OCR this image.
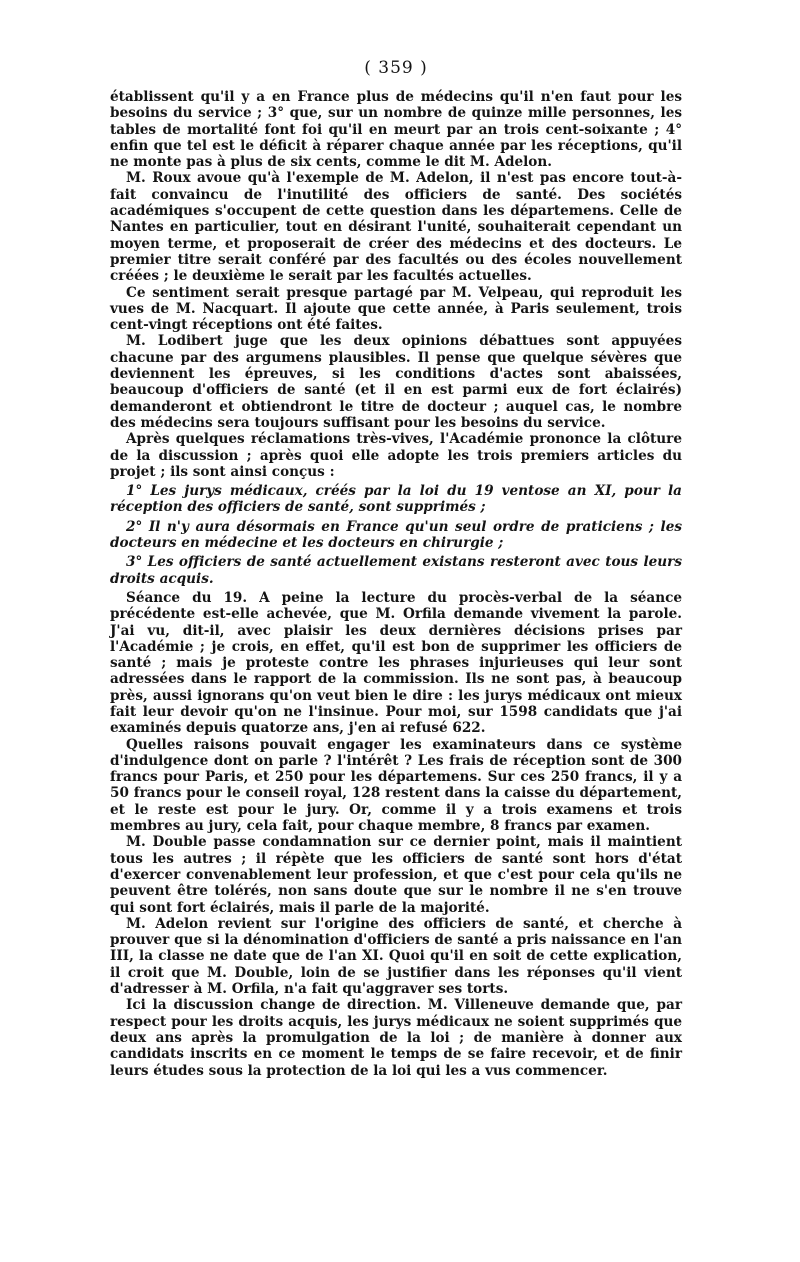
( 359 )

établissent qu'il y a en France plus de médecins qu'il n'en faut pour les besoins du service ; 3° que, sur un nombre de quinze mille personnes, les tables de mortalité font foi qu'il en meurt par an trois cent-soixante ; 4° enfin que tel est le déficit à réparer chaque année par les réceptions, qu'il ne monte pas à plus de six cents, comme le dit M. Adelon.

M. Roux avoue qu'à l'exemple de M. Adelon, il n'est pas encore tout-à-fait convaincu de l'inutilité des officiers de santé. Des sociétés académiques s'occupent de cette question dans les départemens. Celle de Nantes en particulier, tout en désirant l'unité, souhaiterait cependant un moyen terme, et proposerait de créer des médecins et des docteurs. Le premier titre serait conféré par des facultés ou des écoles nouvellement créées ; le deuxième le serait par les facultés actuelles.

Ce sentiment serait presque partagé par M. Velpeau, qui reproduit les vues de M. Nacquart. Il ajoute que cette année, à Paris seulement, trois cent-vingt réceptions ont été faites.

M. Lodibert juge que les deux opinions débattues sont appuyées chacune par des argumens plausibles. Il pense que quelque sévères que deviennent les épreuves, si les conditions d'actes sont abaissées, beaucoup d'officiers de santé (et il en est parmi eux de fort éclairés) demanderont et obtiendront le titre de docteur ; auquel cas, le nombre des médecins sera toujours suffisant pour les besoins du service.

Après quelques réclamations très-vives, l'Académie prononce la clôture de la discussion ; après quoi elle adopte les trois premiers articles du projet ; ils sont ainsi conçus :

1° Les jurys médicaux, créés par la loi du 19 ventose an XI, pour la réception des officiers de santé, sont supprimés ;

2° Il n'y aura désormais en France qu'un seul ordre de praticiens ; les docteurs en médecine et les docteurs en chirurgie ;

3° Les officiers de santé actuellement existans resteront avec tous leurs droits acquis.

Séance du 19. A peine la lecture du procès-verbal de la séance précédente est-elle achevée, que M. Orfila demande vivement la parole. J'ai vu, dit-il, avec plaisir les deux dernières décisions prises par l'Académie ; je crois, en effet, qu'il est bon de supprimer les officiers de santé ; mais je proteste contre les phrases injurieuses qui leur sont adressées dans le rapport de la commission. Ils ne sont pas, à beaucoup près, aussi ignorans qu'on veut bien le dire : les jurys médicaux ont mieux fait leur devoir qu'on ne l'insinue. Pour moi, sur 1598 candidats que j'ai examinés depuis quatorze ans, j'en ai refusé 622.

Quelles raisons pouvait engager les examinateurs dans ce système d'indulgence dont on parle ? l'intérêt ? Les frais de réception sont de 300 francs pour Paris, et 250 pour les départemens. Sur ces 250 francs, il y a 50 francs pour le conseil royal, 128 restent dans la caisse du département, et le reste est pour le jury. Or, comme il y a trois examens et trois membres au jury, cela fait, pour chaque membre, 8 francs par examen.

M. Double passe condamnation sur ce dernier point, mais il maintient tous les autres ; il répète que les officiers de santé sont hors d'état d'exercer convenablement leur profession, et que c'est pour cela qu'ils ne peuvent être tolérés, non sans doute que sur le nombre il ne s'en trouve qui sont fort éclairés, mais il parle de la majorité.

M. Adelon revient sur l'origine des officiers de santé, et cherche à prouver que si la dénomination d'officiers de santé a pris naissance en l'an III, la classe ne date que de l'an XI. Quoi qu'il en soit de cette explication, il croit que M. Double, loin de se justifier dans les réponses qu'il vient d'adresser à M. Orfila, n'a fait qu'aggraver ses torts.

Ici la discussion change de direction. M. Villeneuve demande que, par respect pour les droits acquis, les jurys médicaux ne soient supprimés que deux ans après la promulgation de la loi ; de manière à donner aux candidats inscrits en ce moment le temps de se faire recevoir, et de finir leurs études sous la protection de la loi qui les a vus commencer.
